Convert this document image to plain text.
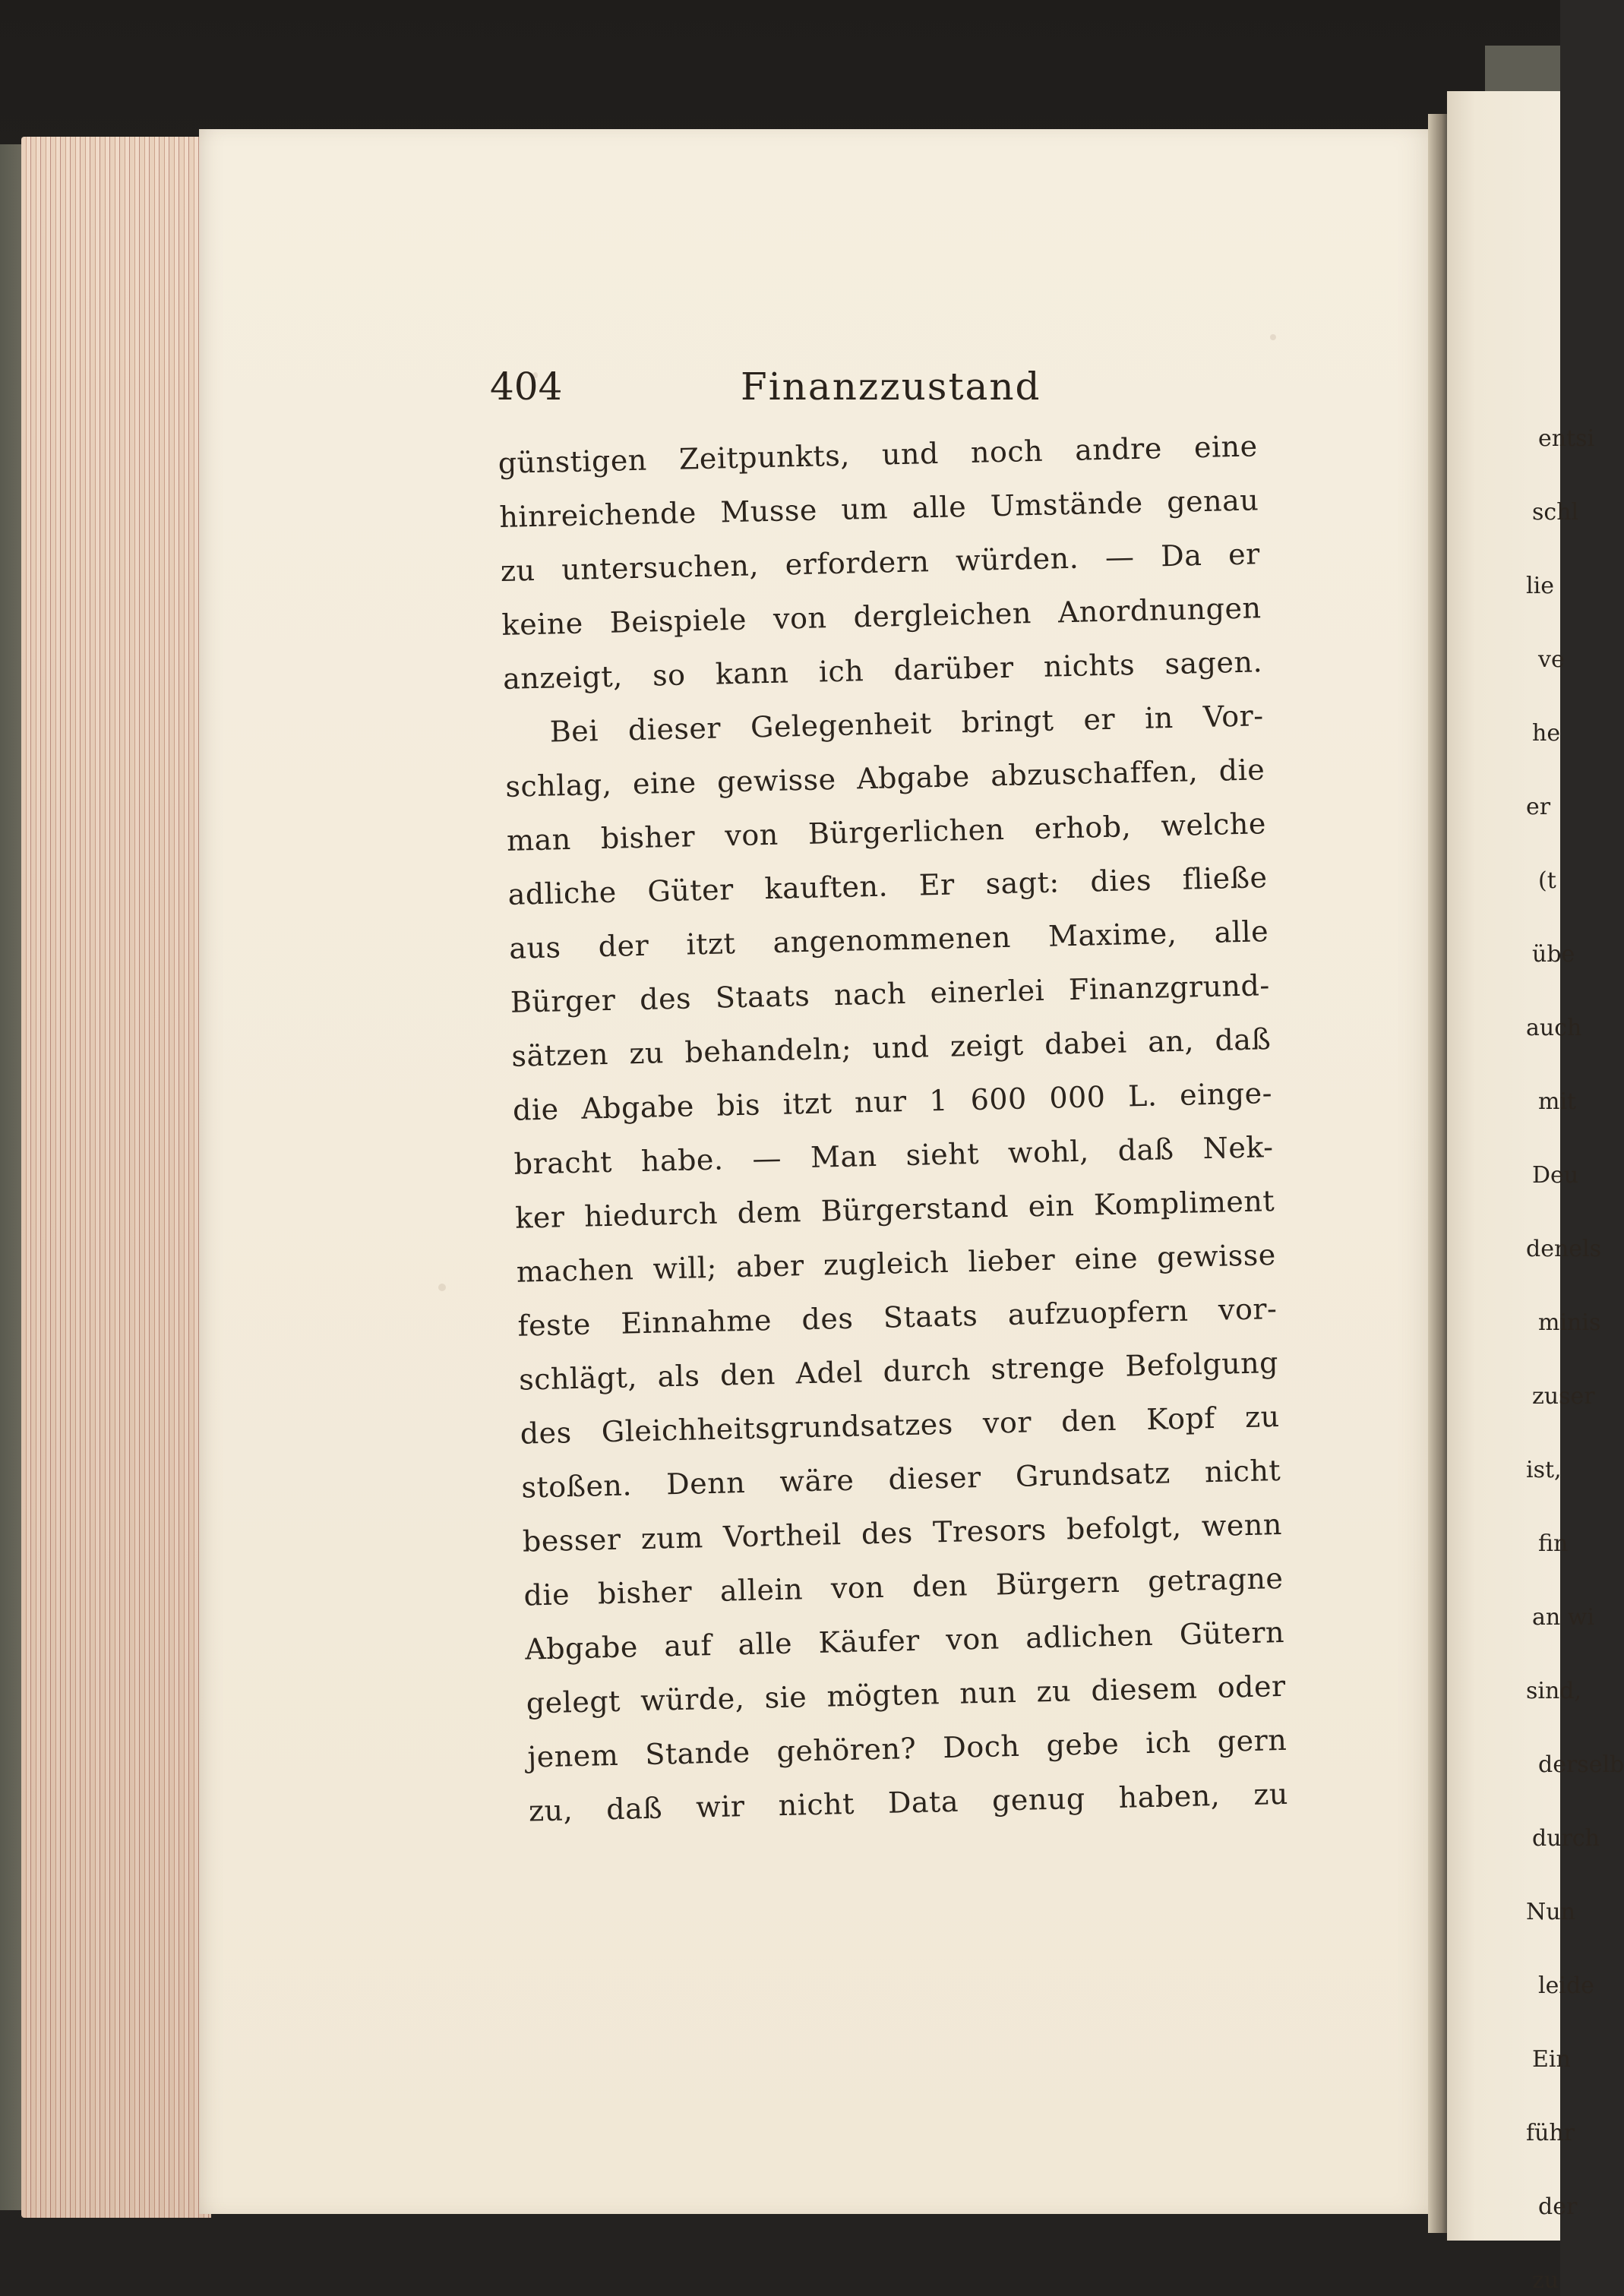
entsi
schl
lie
ve
he
er
(t
übe
auch
mit
Deu
denels
minis
zuser
ist,
fin
an wi
sind,
derselb
durch
Nun
leide
Ein
führ
der
zu
404	Finanzzustand
günstigen Zeitpunkts, und noch andre eine
hinreichende Musse um alle Umstände genau
zu untersuchen, erfordern würden. — Da er
keine Beispiele von dergleichen Anordnungen
anzeigt, so kann ich darüber nichts sagen.
Bei dieser Gelegenheit bringt er in Vor-
schlag, eine gewisse Abgabe abzuschaffen, die
man bisher von Bürgerlichen erhob, welche
adliche Güter kauften. Er sagt: dies fließe
aus der itzt angenommenen Maxime, alle
Bürger des Staats nach einerlei Finanzgrund-
sätzen zu behandeln; und zeigt dabei an, daß
die Abgabe bis itzt nur 1 600 000 L. einge-
bracht habe. — Man sieht wohl, daß Nek-
ker hiedurch dem Bürgerstand ein Kompliment
machen will; aber zugleich lieber eine gewisse
feste Einnahme des Staats aufzuopfern vor-
schlägt, als den Adel durch strenge Befolgung
des Gleichheitsgrundsatzes vor den Kopf zu
stoßen. Denn wäre dieser Grundsatz nicht
besser zum Vortheil des Tresors befolgt, wenn
die bisher allein von den Bürgern getragne
Abgabe auf alle Käufer von adlichen Gütern
gelegt würde, sie mögten nun zu diesem oder
jenem Stande gehören? Doch gebe ich gern
zu, daß wir nicht Data genug haben, zu
